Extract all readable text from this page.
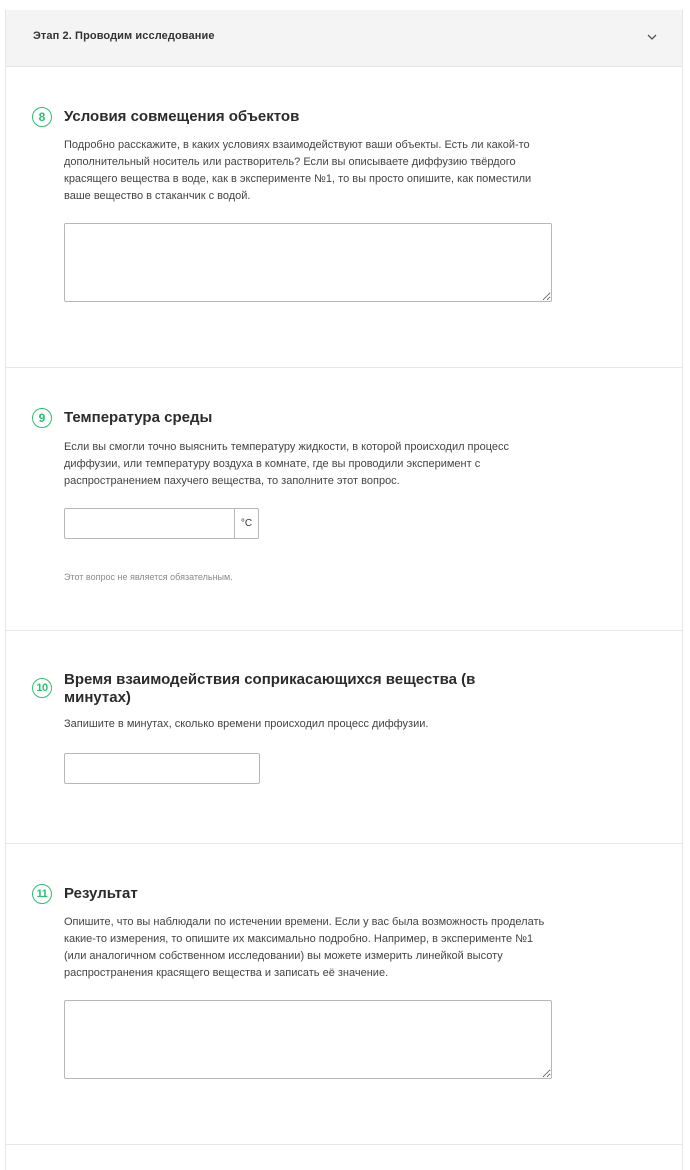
Этап 2. Проводим исследование
8	Условия совмещения объектов

Подробно расскажите, в каких условиях взаимодействуют ваши объекты. Есть ли какой-то дополнительный носитель или растворитель? Если вы описываете диффузию твёрдого красящего вещества в воде, как в эксперименте №1, то вы просто опишите, как поместили ваше вещество в стаканчик с водой.

9	Температура среды

Если вы смогли точно выяснить температуру жидкости, в которой происходил процесс диффузии, или температуру воздуха в комнате, где вы проводили эксперимент с распространением пахучего вещества, то заполните этот вопрос.

°C
Этот вопрос не является обязательным.
10 Время взаимодействия соприкасающихся вещества (в минутах)

Запишите в минутах, сколько времени происходил процесс диффузии.

11	Результат

Опишите, что вы наблюдали по истечении времени. Если у вас была возможность проделать какие-то измерения, то опишите их максимально подробно. Например, в эксперименте №1 (или аналогичном собственном исследовании) вы можете измерить линейкой высоту распространения красящего вещества и записать её значение.
